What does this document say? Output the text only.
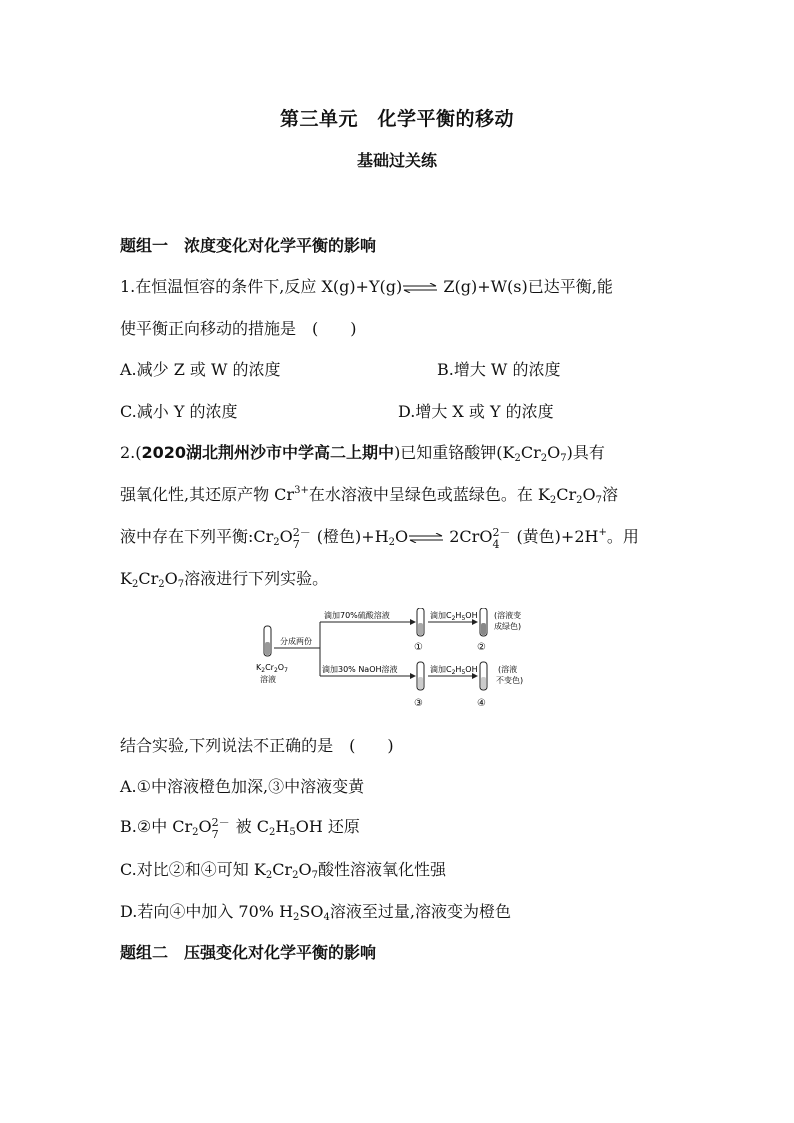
第三单元　化学平衡的移动
基础过关练
题组一　浓度变化对化学平衡的影响
1.在恒温恒容的条件下,反应 X(g)+Y(g)⇌ Z(g)+W(s)已达平衡,能
使平衡正向移动的措施是　(　　)
A.减少 Z 或 W 的浓度	B.增大 W 的浓度
C.减小 Y 的浓度	D.增大 X 或 Y 的浓度
2.(2020湖北荆州沙市中学高二上期中)已知重铬酸钾$(K_2Cr_2O_7)$具有
强氧化性,其还原产物 $Cr^{3+}$在水溶液中呈绿色或蓝绿色。在 $K_2Cr_2O_7$溶
液中存在下列平衡$:Cr_2O$ 2－
7 (橙色)$+H_2O\rightleftharpoons$ 2CrO 2－
4 (黄色)+2H+。用
$K_2Cr_2O_7$溶液进行下列实验。
$K_2Cr_2O_7$
溶液
分成两份
滴加70%硫酸溶液
①
滴加$C_2H_5OH$
②
(溶液变
成绿色)
滴加30% NaOH溶液
③
滴加$C_2H_5OH$
④
(溶液
不变色)
结合实验,下列说法不正确的是　(　　)
A.①中溶液橙色加深,③中溶液变黄
B.②中 $Cr_2O$ 2－
7 被 $C_2H_5OH$ 还原
C.对比②和④可知 $K_2Cr_2O_7$酸性溶液氧化性强
D.若向④中加入 70% $H_2SO_4$溶液至过量,溶液变为橙色
题组二　压强变化对化学平衡的影响
